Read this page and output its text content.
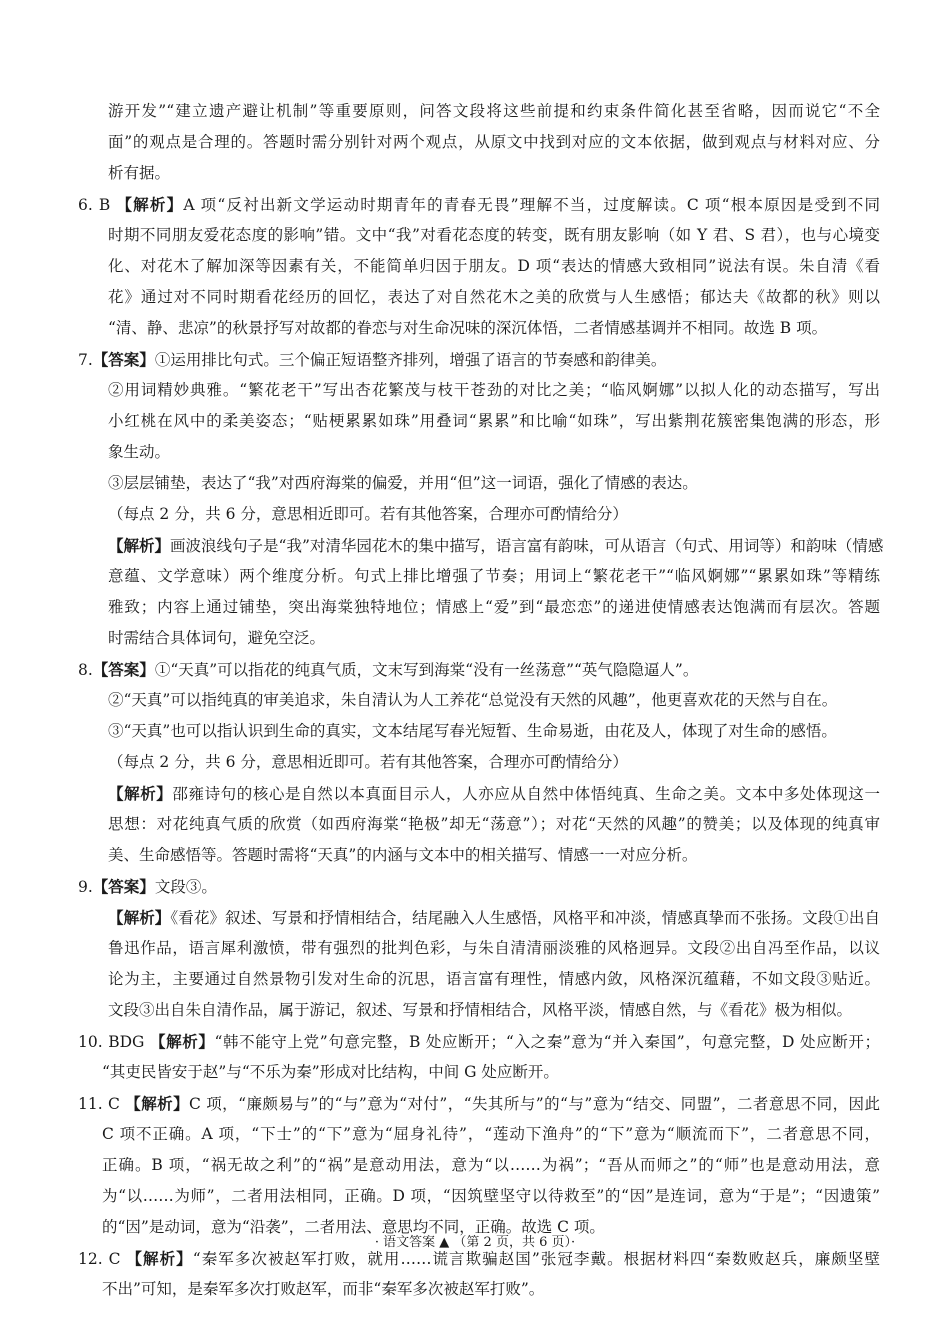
游开发”“建立遗产避让机制”等重要原则，问答文段将这些前提和约束条件简化甚至省略，因而说它“不全
面”的观点是合理的。答题时需分别针对两个观点，从原文中找到对应的文本依据，做到观点与材料对应、分
析有据。
6. B 【解析】A 项“反衬出新文学运动时期青年的青春无畏”理解不当，过度解读。C 项“根本原因是受到不同
时期不同朋友爱花态度的影响”错。文中“我”对看花态度的转变，既有朋友影响（如 Y 君、S 君），也与心境变
化、对花木了解加深等因素有关，不能简单归因于朋友。D 项“表达的情感大致相同”说法有误。朱自清《看
花》通过对不同时期看花经历的回忆，表达了对自然花木之美的欣赏与人生感悟；郁达夫《故都的秋》则以
“清、静、悲凉”的秋景抒写对故都的眷恋与对生命况味的深沉体悟，二者情感基调并不相同。故选 B 项。
7.【答案】①运用排比句式。三个偏正短语整齐排列，增强了语言的节奏感和韵律美。
②用词精妙典雅。“繁花老干”写出杏花繁茂与枝干苍劲的对比之美；“临风婀娜”以拟人化的动态描写，写出
小红桃在风中的柔美姿态；“贴梗累累如珠”用叠词“累累”和比喻“如珠”，写出紫荆花簇密集饱满的形态，形
象生动。
③层层铺垫，表达了“我”对西府海棠的偏爱，并用“但”这一词语，强化了情感的表达。
（每点 2 分，共 6 分，意思相近即可。若有其他答案，合理亦可酌情给分）
【解析】画波浪线句子是“我”对清华园花木的集中描写，语言富有韵味，可从语言（句式、用词等）和韵味（情感
意蕴、文学意味）两个维度分析。句式上排比增强了节奏；用词上“繁花老干”“临风婀娜”“累累如珠”等精练
雅致；内容上通过铺垫，突出海棠独特地位；情感上“爱”到“最恋恋”的递进使情感表达饱满而有层次。答题
时需结合具体词句，避免空泛。
8.【答案】①“天真”可以指花的纯真气质，文末写到海棠“没有一丝荡意”“英气隐隐逼人”。
②“天真”可以指纯真的审美追求，朱自清认为人工养花“总觉没有天然的风趣”，他更喜欢花的天然与自在。
③“天真”也可以指认识到生命的真实，文本结尾写春光短暂、生命易逝，由花及人，体现了对生命的感悟。
（每点 2 分，共 6 分，意思相近即可。若有其他答案，合理亦可酌情给分）
【解析】邵雍诗句的核心是自然以本真面目示人，人亦应从自然中体悟纯真、生命之美。文本中多处体现这一
思想：对花纯真气质的欣赏（如西府海棠“艳极”却无“荡意”）；对花“天然的风趣”的赞美；以及体现的纯真审
美、生命感悟等。答题时需将“天真”的内涵与文本中的相关描写、情感一一对应分析。
9.【答案】文段③。
【解析】《看花》叙述、写景和抒情相结合，结尾融入人生感悟，风格平和冲淡，情感真挚而不张扬。文段①出自
鲁迅作品，语言犀利激愤，带有强烈的批判色彩，与朱自清清丽淡雅的风格迥异。文段②出自冯至作品，以议
论为主，主要通过自然景物引发对生命的沉思，语言富有理性，情感内敛，风格深沉蕴藉，不如文段③贴近。
文段③出自朱自清作品，属于游记，叙述、写景和抒情相结合，风格平淡，情感自然，与《看花》极为相似。
10. BDG 【解析】“韩不能守上党”句意完整，B 处应断开；“入之秦”意为“并入秦国”，句意完整，D 处应断开；
“其吏民皆安于赵”与“不乐为秦”形成对比结构，中间 G 处应断开。
11. C 【解析】C 项，“廉颇易与”的“与”意为“对付”，“失其所与”的“与”意为“结交、同盟”，二者意思不同，因此
C 项不正确。A 项，“下士”的“下”意为“屈身礼待”，“莲动下渔舟”的“下”意为“顺流而下”，二者意思不同，
正确。B 项，“祸无故之利”的“祸”是意动用法，意为“以……为祸”；“吾从而师之”的“师”也是意动用法，意
为“以……为师”，二者用法相同，正确。D 项，“因筑壁坚守以待救至”的“因”是连词，意为“于是”；“因遗策”
的“因”是动词，意为“沿袭”，二者用法、意思均不同，正确。故选 C 项。
12. C 【解析】“秦军多次被赵军打败，就用……谎言欺骗赵国”张冠李戴。根据材料四“秦数败赵兵，廉颇坚壁
不出”可知，是秦军多次打败赵军，而非“秦军多次被赵军打败”。
· 语文答案 ▲ （第 2 页，共 6 页）·
